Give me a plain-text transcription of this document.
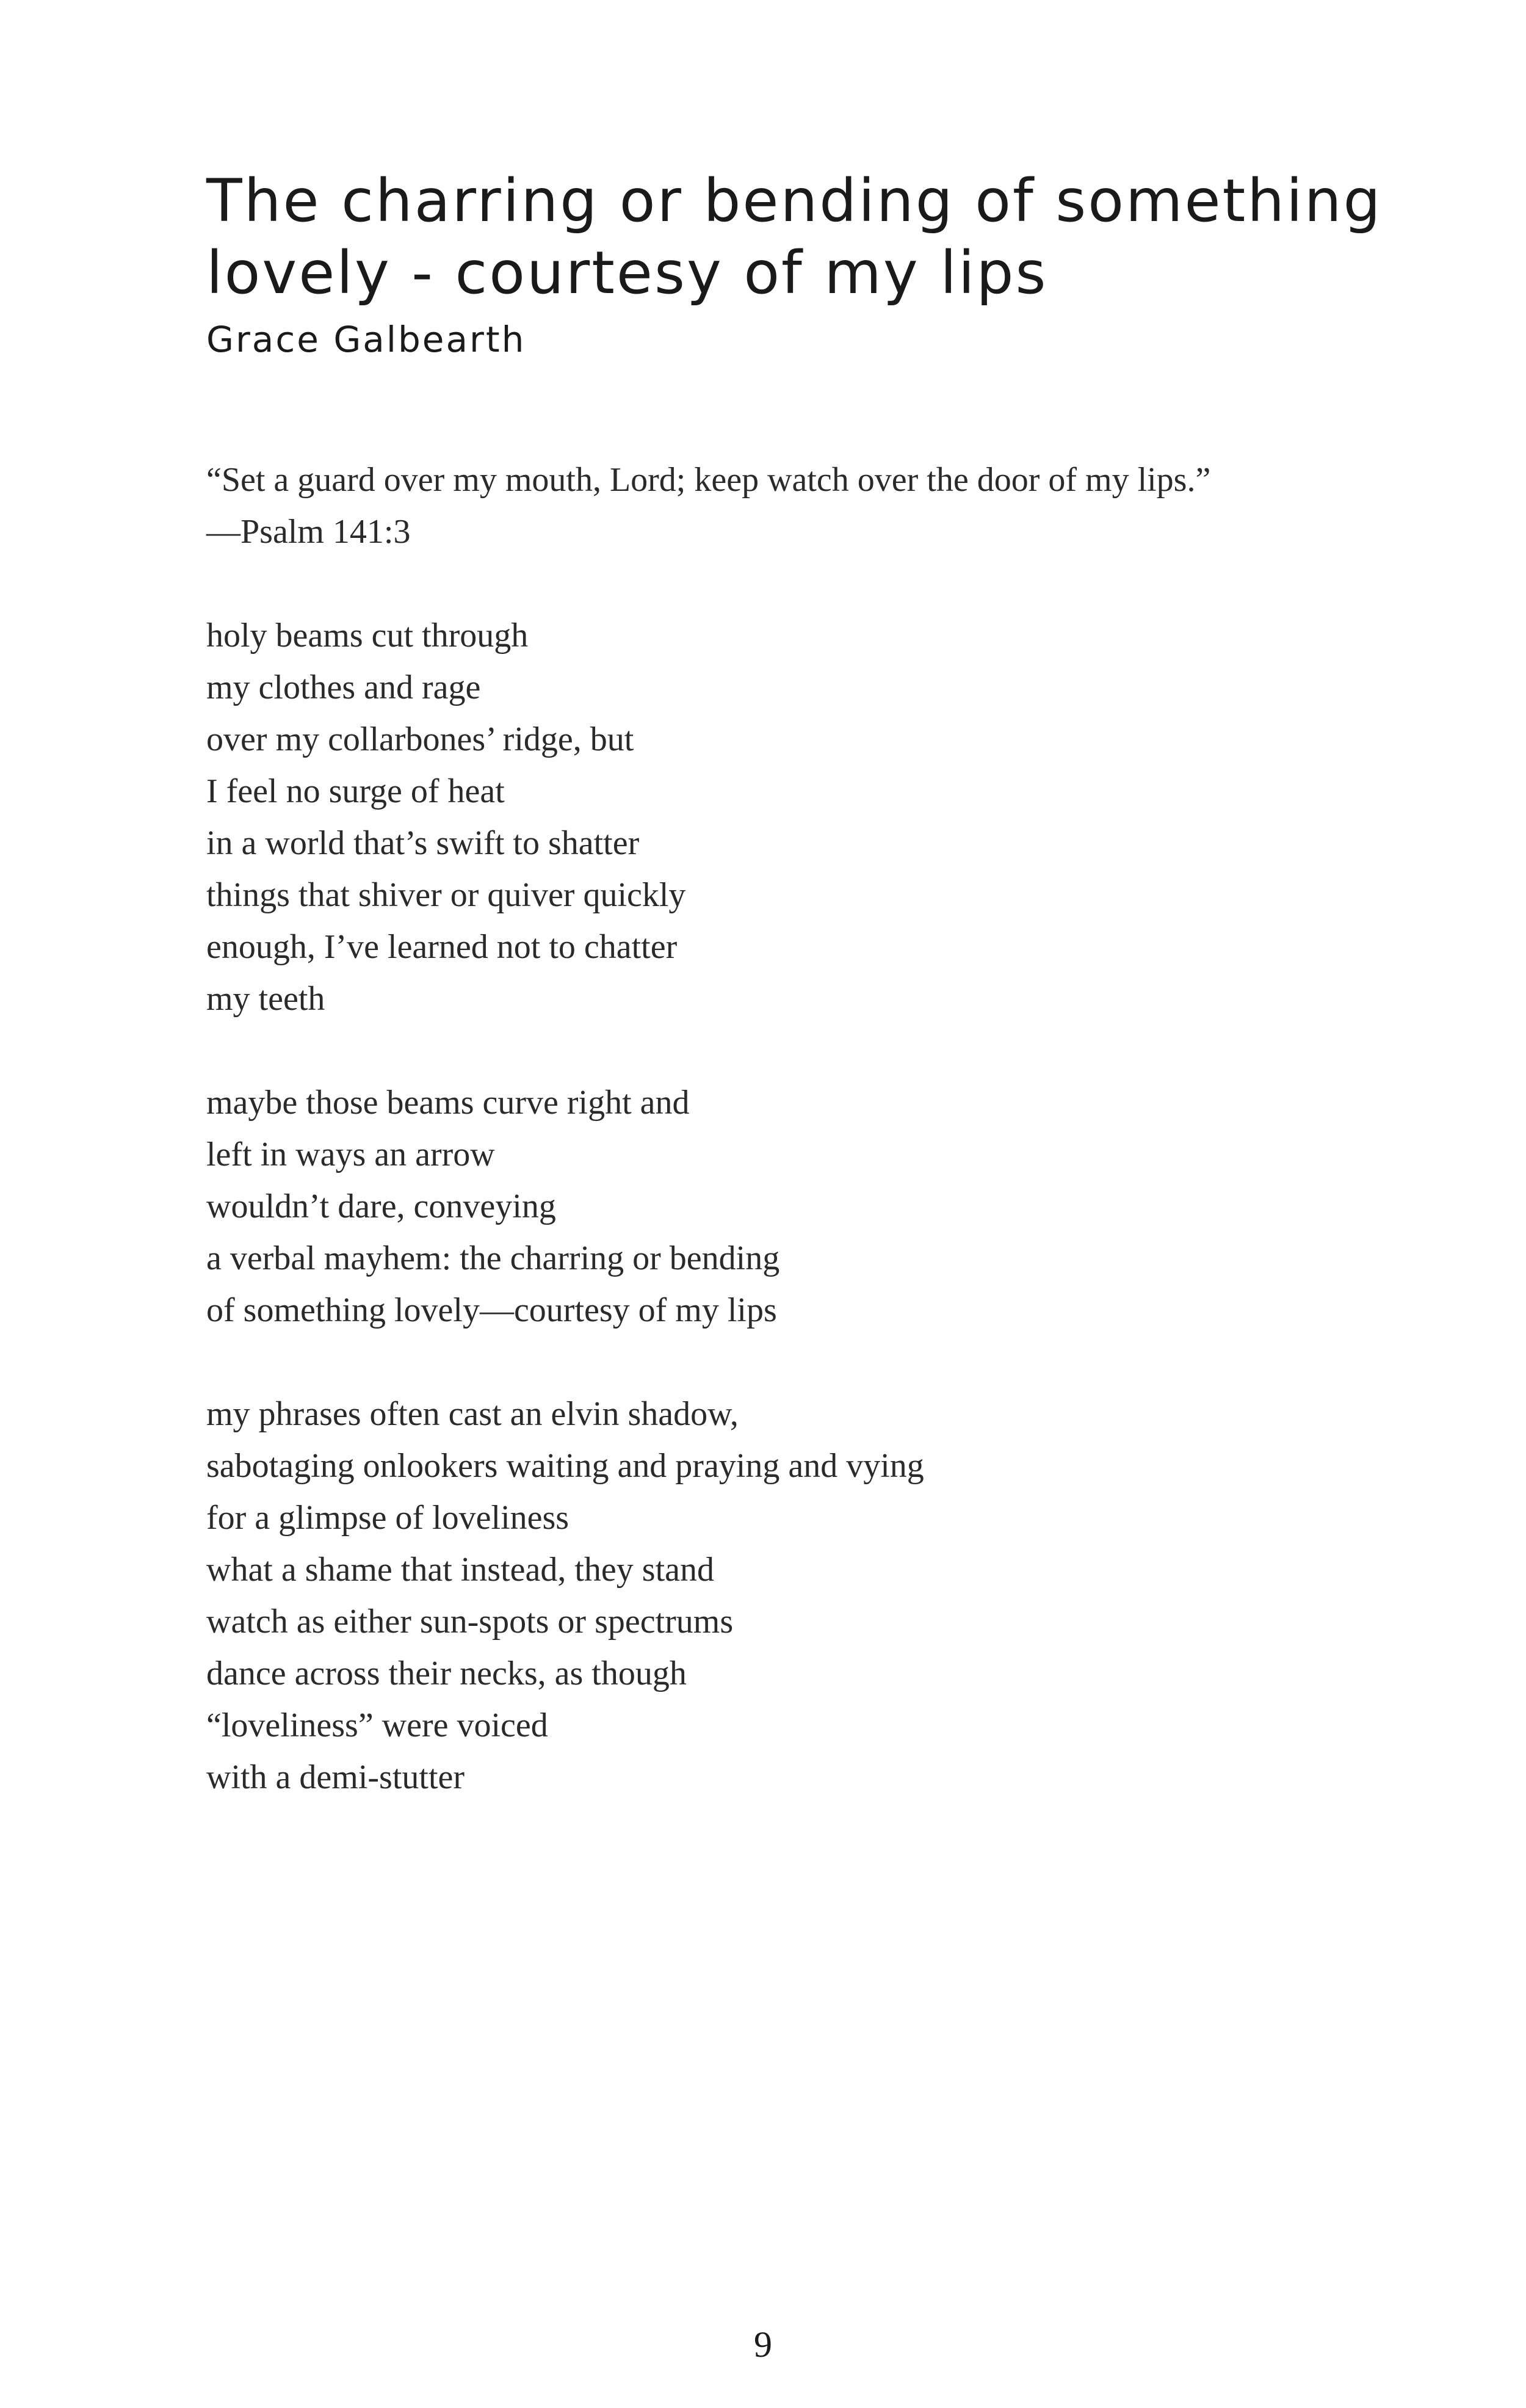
The charring or bending of something
lovely - courtesy of my lips

Grace Galbearth

“Set a guard over my mouth, Lord; keep watch over the door of my lips.”
—Psalm 141:3
holy beams cut through
my clothes and rage
over my collarbones’ ridge, but
I feel no surge of heat
in a world that’s swift to shatter
things that shiver or quiver quickly
enough, I’ve learned not to chatter
my teeth
maybe those beams curve right and
left in ways an arrow
wouldn’t dare, conveying
a verbal mayhem: the charring or bending
of something lovely—courtesy of my lips
my phrases often cast an elvin shadow,
sabotaging onlookers waiting and praying and vying
for a glimpse of loveliness
what a shame that instead, they stand
watch as either sun-spots or spectrums
dance across their necks, as though
“loveliness” were voiced
with a demi-stutter
9
